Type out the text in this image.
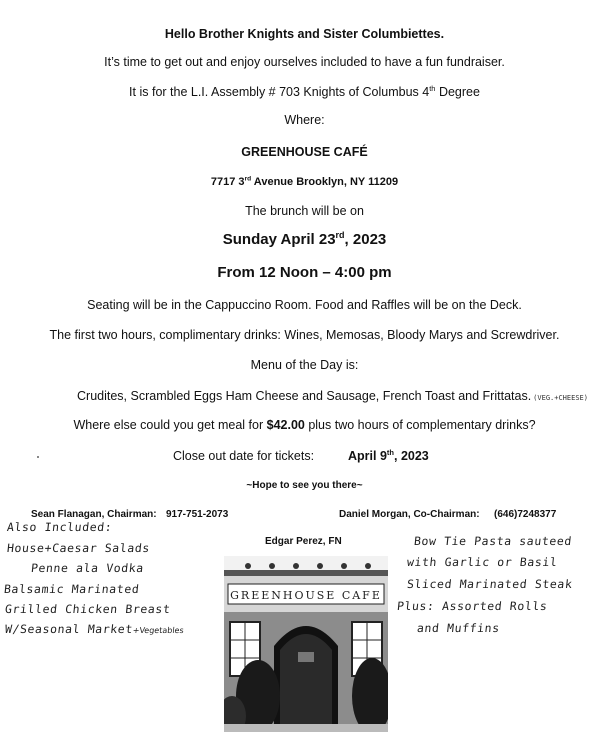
Hello Brother Knights and Sister Columbiettes.
It’s time to get out and enjoy ourselves included to have a fun fundraiser.
It is for the L.I. Assembly # 703 Knights of Columbus 4th Degree
Where:
GREENHOUSE CAFÉ
7717 3rd Avenue Brooklyn, NY 11209
The brunch will be on
Sunday April 23rd, 2023
From 12 Noon – 4:00 pm
Seating will be in the Cappuccino Room. Food and Raffles will be on the Deck.
The first two hours, complimentary drinks: Wines, Memosas, Bloody Marys and Screwdriver.
Menu of the Day is:
Crudites, Scrambled Eggs Ham Cheese and Sausage, French Toast and Frittatas. (VEG.+CHEESE)
Where else could you get meal for $42.00 plus two hours of complementary drinks?
Close out date for tickets:	April 9th, 2023
~Hope to see you there~
Sean Flanagan, Chairman: 917-751-2073	Daniel Morgan, Co-Chairman: (646)7248377
Edgar Perez, FN
Also Included:
House+Caesar Salads
Penne ala Vodka
Balsamic Marinated
Grilled Chicken Breast
W/Seasonal Market+Vegetables
Bow Tie Pasta sauteed
with Garlic or Basil
Sliced Marinated Steak
Plus: Assorted Rolls
and Muffins
GREENHOUSE CAFE
